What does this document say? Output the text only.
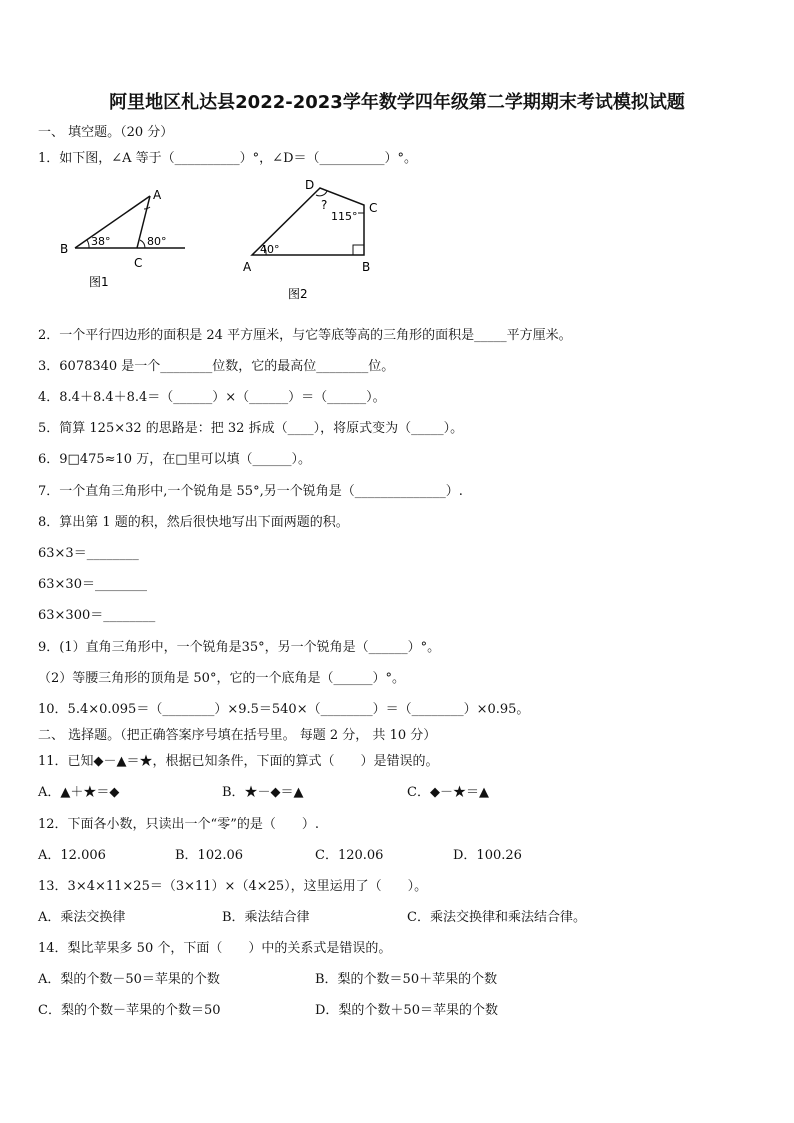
阿里地区札达县2022-2023学年数学四年级第二学期期末考试模拟试题
一、 填空题。（20 分）
1．如下图，∠A 等于（__________）°，∠D＝（__________）°。
A
B
C
38°	80°
图1
D
C
A	B
40°
115°
?
图2
2．一个平行四边形的面积是 24 平方厘米，与它等底等高的三角形的面积是_____平方厘米。
3．6078340 是一个________位数，它的最高位________位。
4．8.4＋8.4＋8.4＝（______）×（______）＝（______）。
5．简算 125×32 的思路是：把 32 拆成（____），将原式变为（_____）。
6．9□475≈10 万，在□里可以填（______）。
7．一个直角三角形中,一个锐角是 55°,另一个锐角是（______________）.
8．算出第 1 题的积，然后很快地写出下面两题的积。
63×3＝________
63×30＝________
63×300＝________
9．(1）直角三角形中，一个锐角是35°，另一个锐角是（______）°。
（2）等腰三角形的顶角是 50°，它的一个底角是（______）°。
10．5.4×0.095＝（________）×9.5＝540×（________）＝（________）×0.95。
二、 选择题。（把正确答案序号填在括号里。 每题 2 分， 共 10 分）
11．已知◆－▲＝★，根据已知条件，下面的算式（　　）是错误的。
A．▲＋★＝◆	B．★－◆＝▲	C．◆－★＝▲
12．下面各小数，只读出一个“零”的是（　　）.
A．12.006	B．102.06	C．120.06	D．100.26
13．3×4×11×25＝（3×11）×（4×25），这里运用了（　　）。
A．乘法交换律	B．乘法结合律	C．乘法交换律和乘法结合律。
14．梨比苹果多 50 个，下面（　　）中的关系式是错误的。
A．梨的个数－50＝苹果的个数	B．梨的个数＝50＋苹果的个数
C．梨的个数－苹果的个数＝50	D．梨的个数＋50＝苹果的个数
